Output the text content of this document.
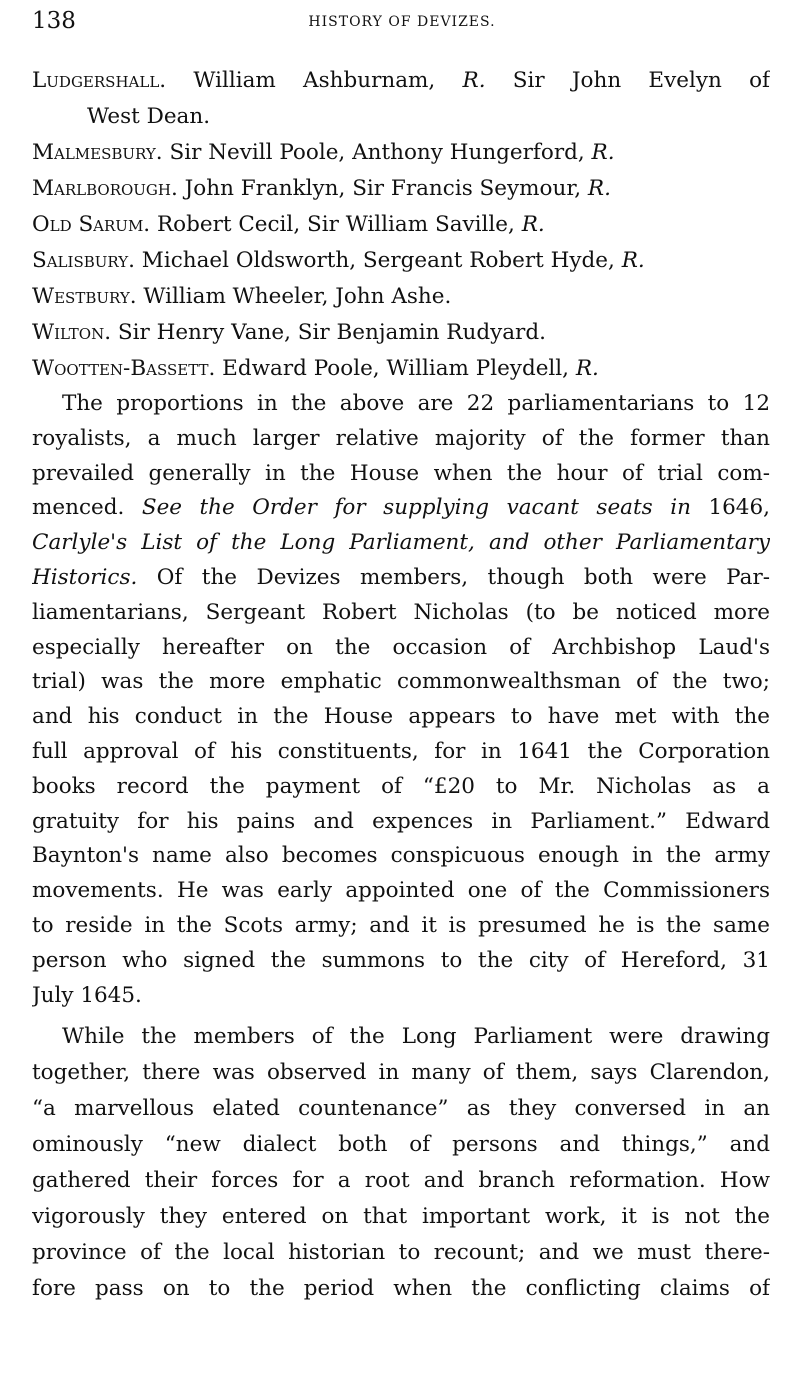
138	HISTORY OF DEVIZES.
Ludgershall. William Ashburnam, R. Sir John Evelyn of
West Dean.
Malmesbury. Sir Nevill Poole, Anthony Hungerford, R.
Marlborough. John Franklyn, Sir Francis Seymour, R.
Old Sarum. Robert Cecil, Sir William Saville, R.
Salisbury. Michael Oldsworth, Sergeant Robert Hyde, R.
Westbury. William Wheeler, John Ashe.
Wilton. Sir Henry Vane, Sir Benjamin Rudyard.
Wootten-Bassett. Edward Poole, William Pleydell, R.
The proportions in the above are 22 parliamentarians to 12
royalists, a much larger relative majority of the former than
prevailed generally in the House when the hour of trial com-
menced. See the Order for supplying vacant seats in 1646,
Carlyle's List of the Long Parliament, and other Parliamentary
Historics. Of the Devizes members, though both were Par-
liamentarians, Sergeant Robert Nicholas (to be noticed more
especially hereafter on the occasion of Archbishop Laud's
trial) was the more emphatic commonwealthsman of the two;
and his conduct in the House appears to have met with the
full approval of his constituents, for in 1641 the Corporation
books record the payment of “£20 to Mr. Nicholas as a
gratuity for his pains and expences in Parliament.” Edward
Baynton's name also becomes conspicuous enough in the army
movements. He was early appointed one of the Commissioners
to reside in the Scots army; and it is presumed he is the same
person who signed the summons to the city of Hereford, 31
July 1645.
While the members of the Long Parliament were drawing
together, there was observed in many of them, says Clarendon,
“a marvellous elated countenance” as they conversed in an
ominously “new dialect both of persons and things,” and
gathered their forces for a root and branch reformation. How
vigorously they entered on that important work, it is not the
province of the local historian to recount; and we must there-
fore pass on to the period when the conflicting claims of
